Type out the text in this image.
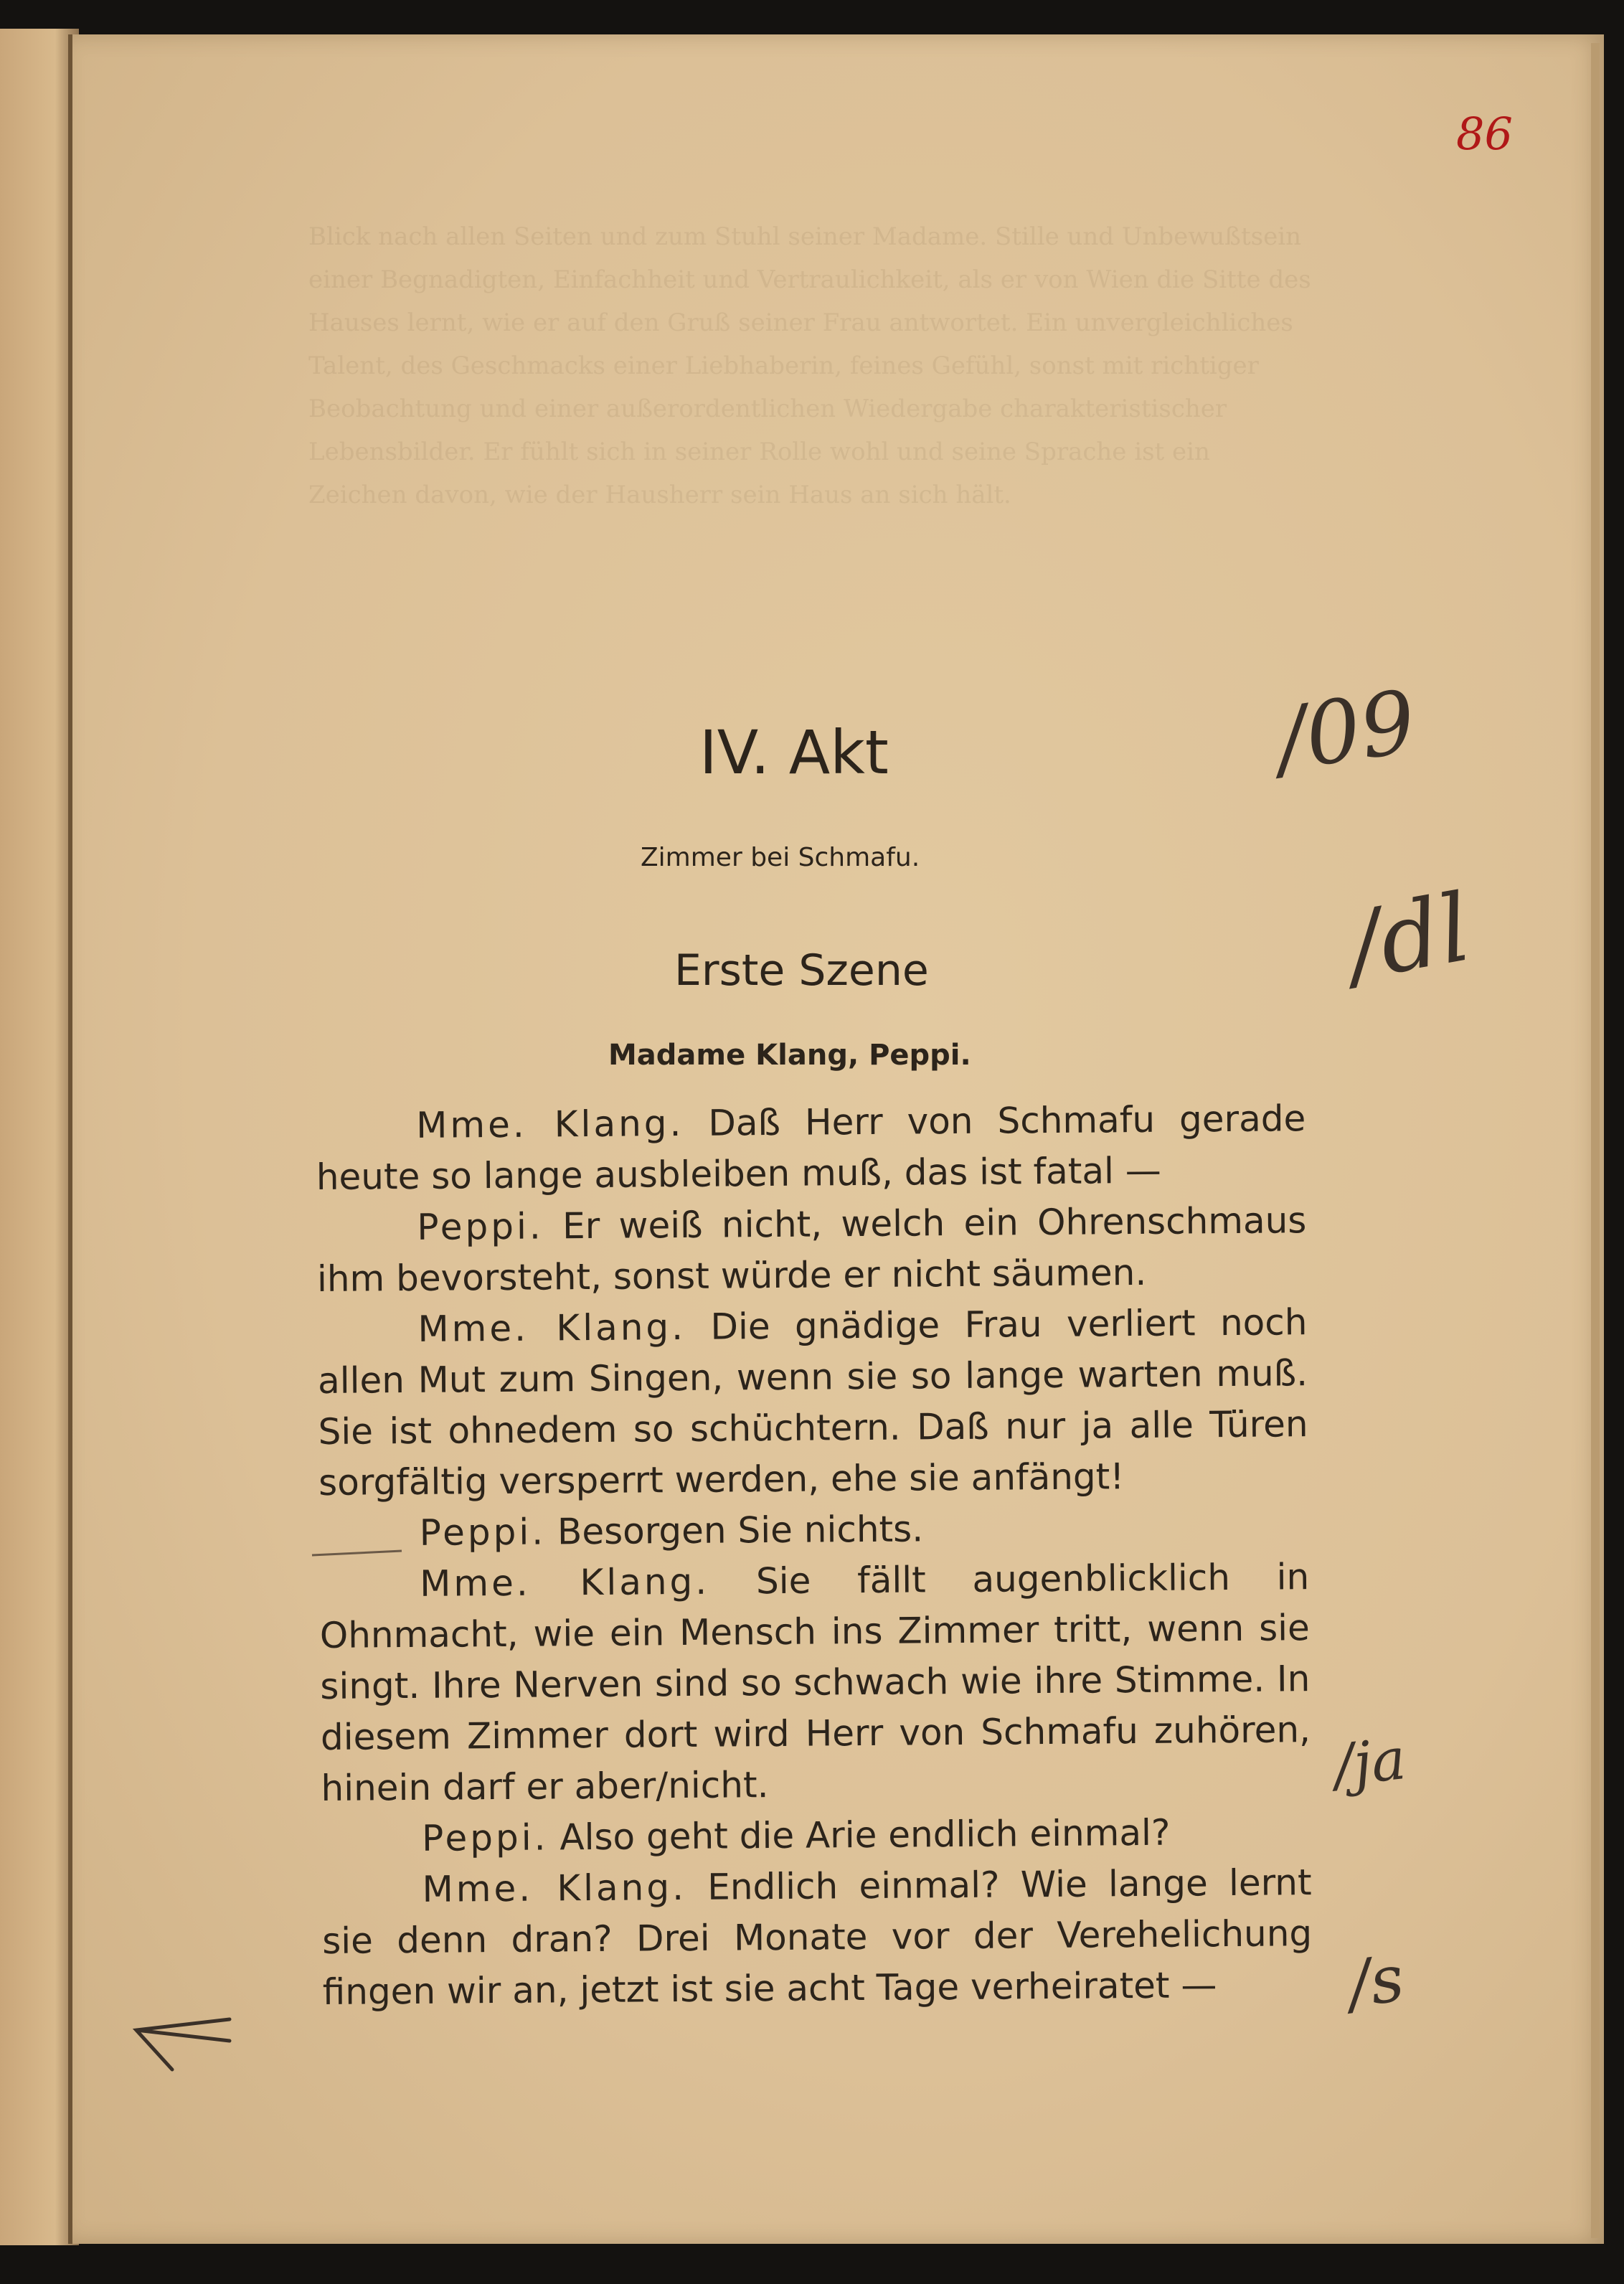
Blick nach allen Seiten und zum Stuhl seiner Madame. Stille und Unbewußtsein einer Begnadigten, Einfachheit und Vertraulichkeit, als er von Wien die Sitte des Hauses lernt, wie er auf den Gruß seiner Frau antwortet. Ein unvergleichliches Talent, des Geschmacks einer Liebhaberin, feines Gefühl, sonst mit richtiger Beobachtung und einer außerordentlichen Wiedergabe charakteristischer Lebensbilder. Er fühlt sich in seiner Rolle wohl und seine Sprache ist ein Zeichen davon, wie der Hausherr sein Haus an sich hält.
86
IV. Akt
Zimmer bei Schmafu.
Erste Szene
Madame Klang, Peppi.

Mme. Klang. Daß Herr von Schmafu gerade heute so lange ausbleiben muß, das ist fatal —

Peppi. Er weiß nicht, welch ein Ohrenschmaus ihm bevorsteht, sonst würde er nicht säumen.

Mme. Klang. Die gnädige Frau verliert noch allen Mut zum Singen, wenn sie so lange warten muß. Sie ist ohnedem so schüchtern. Daß nur ja alle Türen sorgfältig versperrt werden, ehe sie anfängt!

Peppi. Besorgen Sie nichts.

Mme. Klang. Sie fällt augenblicklich in Ohnmacht, wie ein Mensch ins Zimmer tritt, wenn sie singt. Ihre Nerven sind so schwach wie ihre Stimme. In diesem Zimmer dort wird Herr von Schmafu zuhören, hinein darf er aber/nicht.

Peppi. Also geht die Arie endlich einmal?

Mme. Klang. Endlich einmal? Wie lange lernt sie denn dran? Drei Monate vor der Verehelichung fingen wir an, jetzt ist sie acht Tage verheiratet —

/09
/dl
/ja
/s
